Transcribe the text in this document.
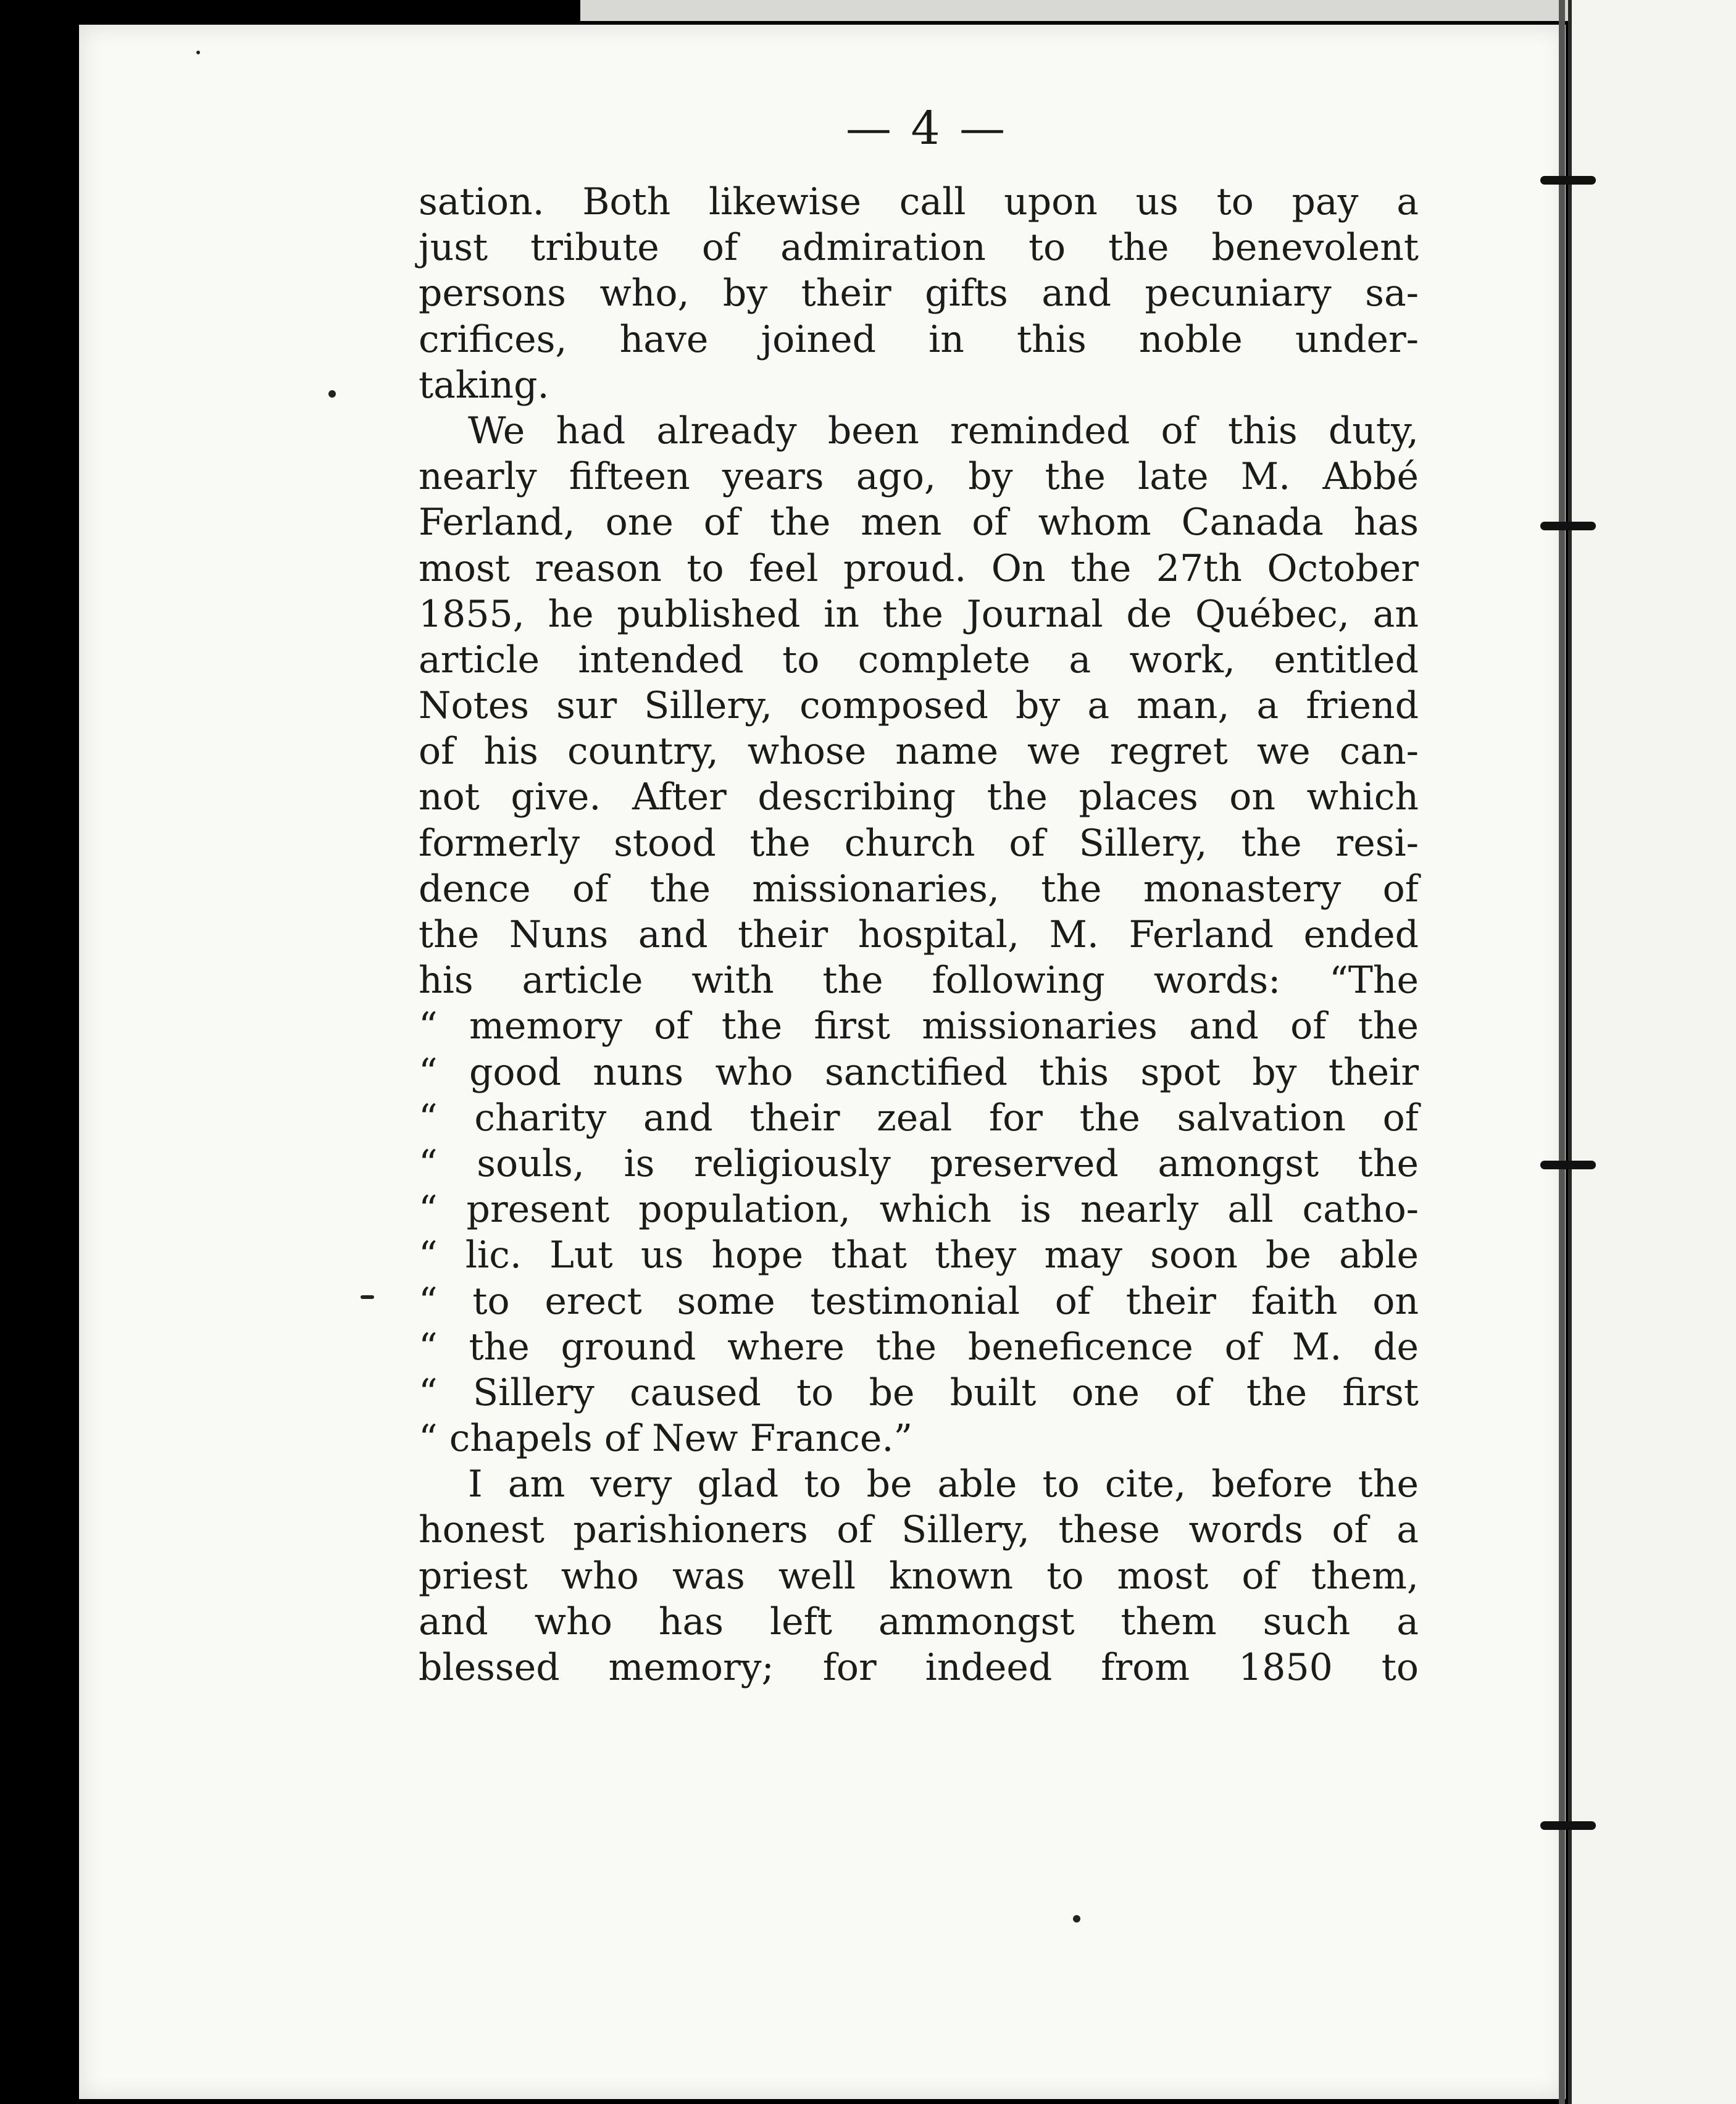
— 4 —
sation. Both likewise call upon us to pay a
just tribute of admiration to the benevolent
persons who, by their gifts and pecuniary sa-
crifices, have joined in this noble under-
taking.
We had already been reminded of this duty,
nearly fifteen years ago, by the late M. Abbé
Ferland, one of the men of whom Canada has
most reason to feel proud. On the 27th October
1855, he published in the Journal de Québec, an
article intended to complete a work, entitled
Notes sur Sillery, composed by a man, a friend
of his country, whose name we regret we can-
not give. After describing the places on which
formerly stood the church of Sillery, the resi-
dence of the missionaries, the monastery of
the Nuns and their hospital, M. Ferland ended
his article with the following words: “The
“ memory of the first missionaries and of the
“ good nuns who sanctified this spot by their
“ charity and their zeal for the salvation of
“ souls, is religiously preserved amongst the
“ present population, which is nearly all catho-
“ lic. Lut us hope that they may soon be able
“ to erect some testimonial of their faith on
“ the ground where the beneficence of M. de
“ Sillery caused to be built one of the first
“ chapels of New France.”
I am very glad to be able to cite, before the
honest parishioners of Sillery, these words of a
priest who was well known to most of them,
and who has left ammongst them such a
blessed memory; for indeed from 1850 to
